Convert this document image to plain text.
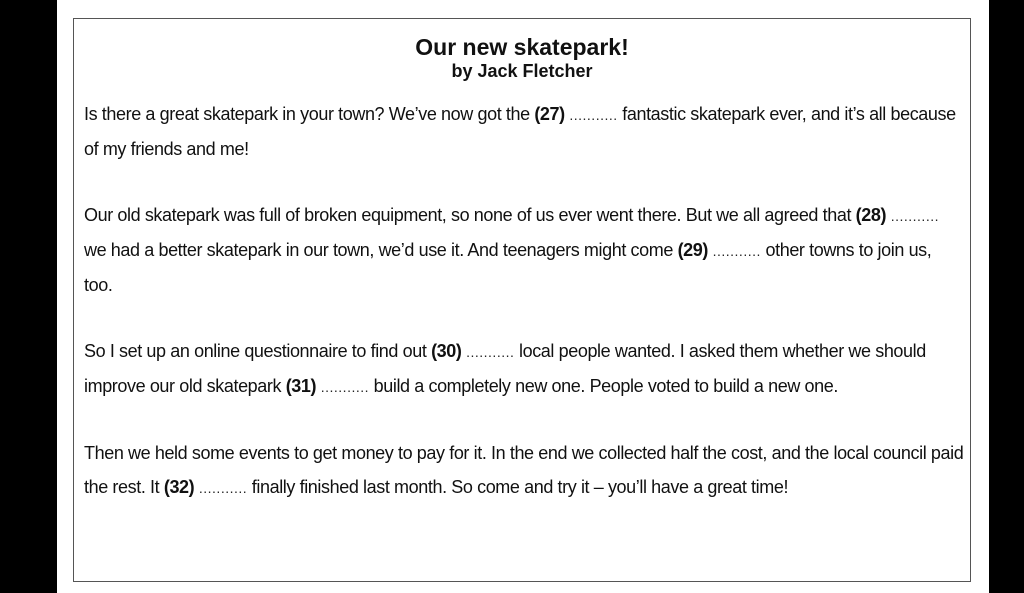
Our new skatepark!
by Jack Fletcher

Is there a great skatepark in your town? We’ve now got the (27) ........... fantastic skatepark ever, and it’s all because of my friends and me!

Our old skatepark was full of broken equipment, so none of us ever went there. But we all agreed that (28) ........... we had a better skatepark in our town, we’d use it. And teenagers might come (29) ........... other towns to join us, too.

So I set up an online questionnaire to find out (30) ........... local people wanted. I asked them whether we should improve our old skatepark (31) ........... build a completely new one. People voted to build a new one.

Then we held some events to get money to pay for it. In the end we collected half the cost, and the local council paid the rest. It (32) ........... finally finished last month. So come and try it – you’ll have a great time!
